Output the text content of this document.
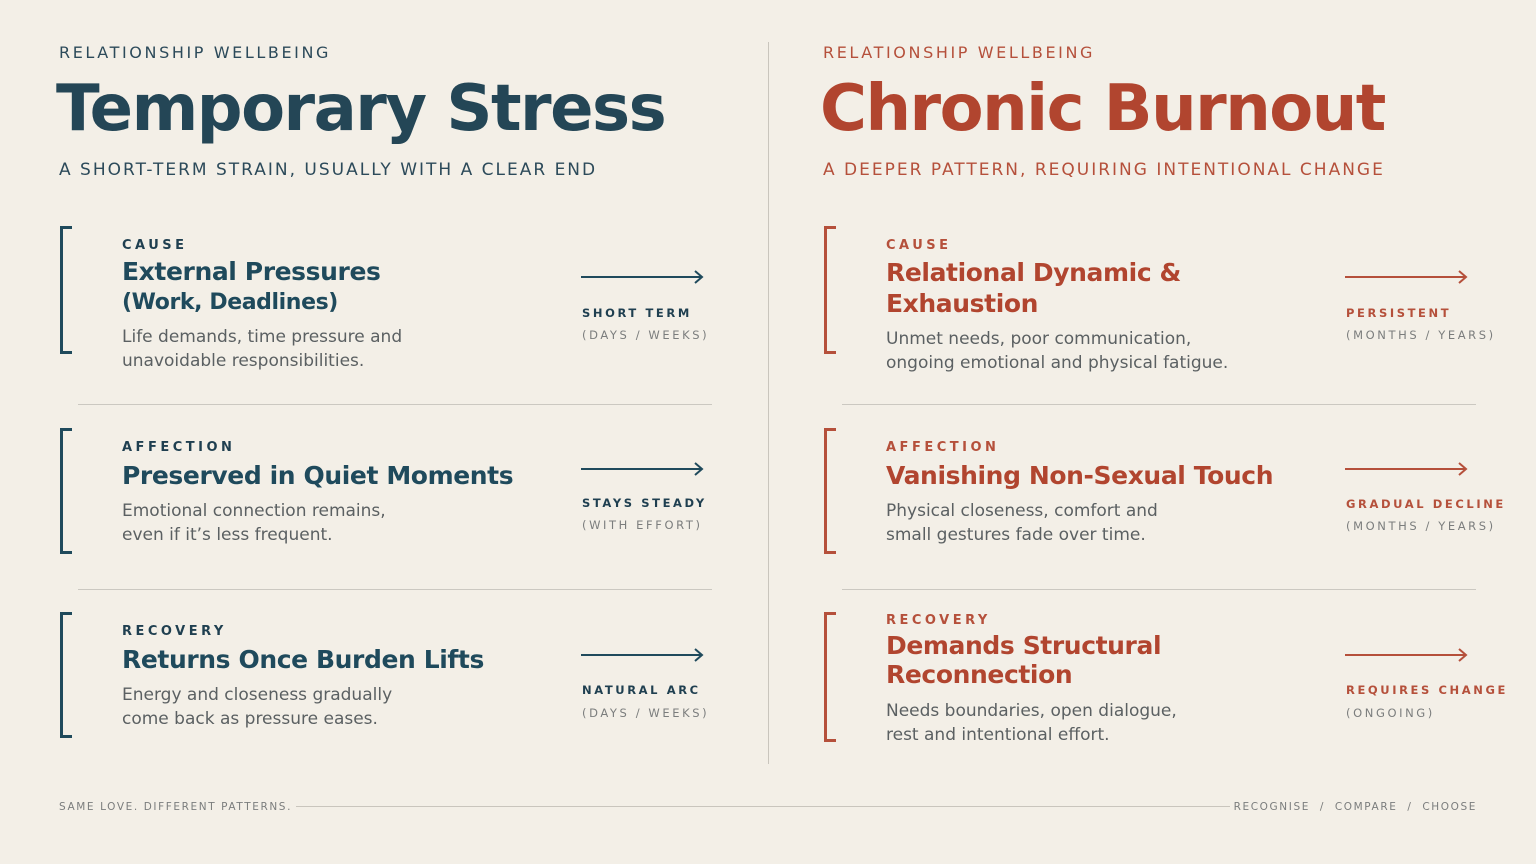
RELATIONSHIP WELLBEING
Temporary Stress
A SHORT-TERM STRAIN, USUALLY WITH A CLEAR END
CAUSE
External Pressures
(Work, Deadlines)
Life demands, time pressure and
unavoidable responsibilities.
SHORT TERM
(DAYS / WEEKS)
AFFECTION
Preserved in Quiet Moments
Emotional connection remains,
even if it’s less frequent.
STAYS STEADY
(WITH EFFORT)
RECOVERY
Returns Once Burden Lifts
Energy and closeness gradually
come back as pressure eases.
NATURAL ARC
(DAYS / WEEKS)
RELATIONSHIP WELLBEING
Chronic Burnout
A DEEPER PATTERN, REQUIRING INTENTIONAL CHANGE
CAUSE
Relational Dynamic &
Exhaustion
Unmet needs, poor communication,
ongoing emotional and physical fatigue.
PERSISTENT
(MONTHS / YEARS)
AFFECTION
Vanishing Non-Sexual Touch
Physical closeness, comfort and
small gestures fade over time.
GRADUAL DECLINE
(MONTHS / YEARS)
RECOVERY
Demands Structural
Reconnection
Needs boundaries, open dialogue,
rest and intentional effort.
REQUIRES CHANGE
(ONGOING)
SAME LOVE. DIFFERENT PATTERNS.	RECOGNISE  /  COMPARE  /  CHOOSE
